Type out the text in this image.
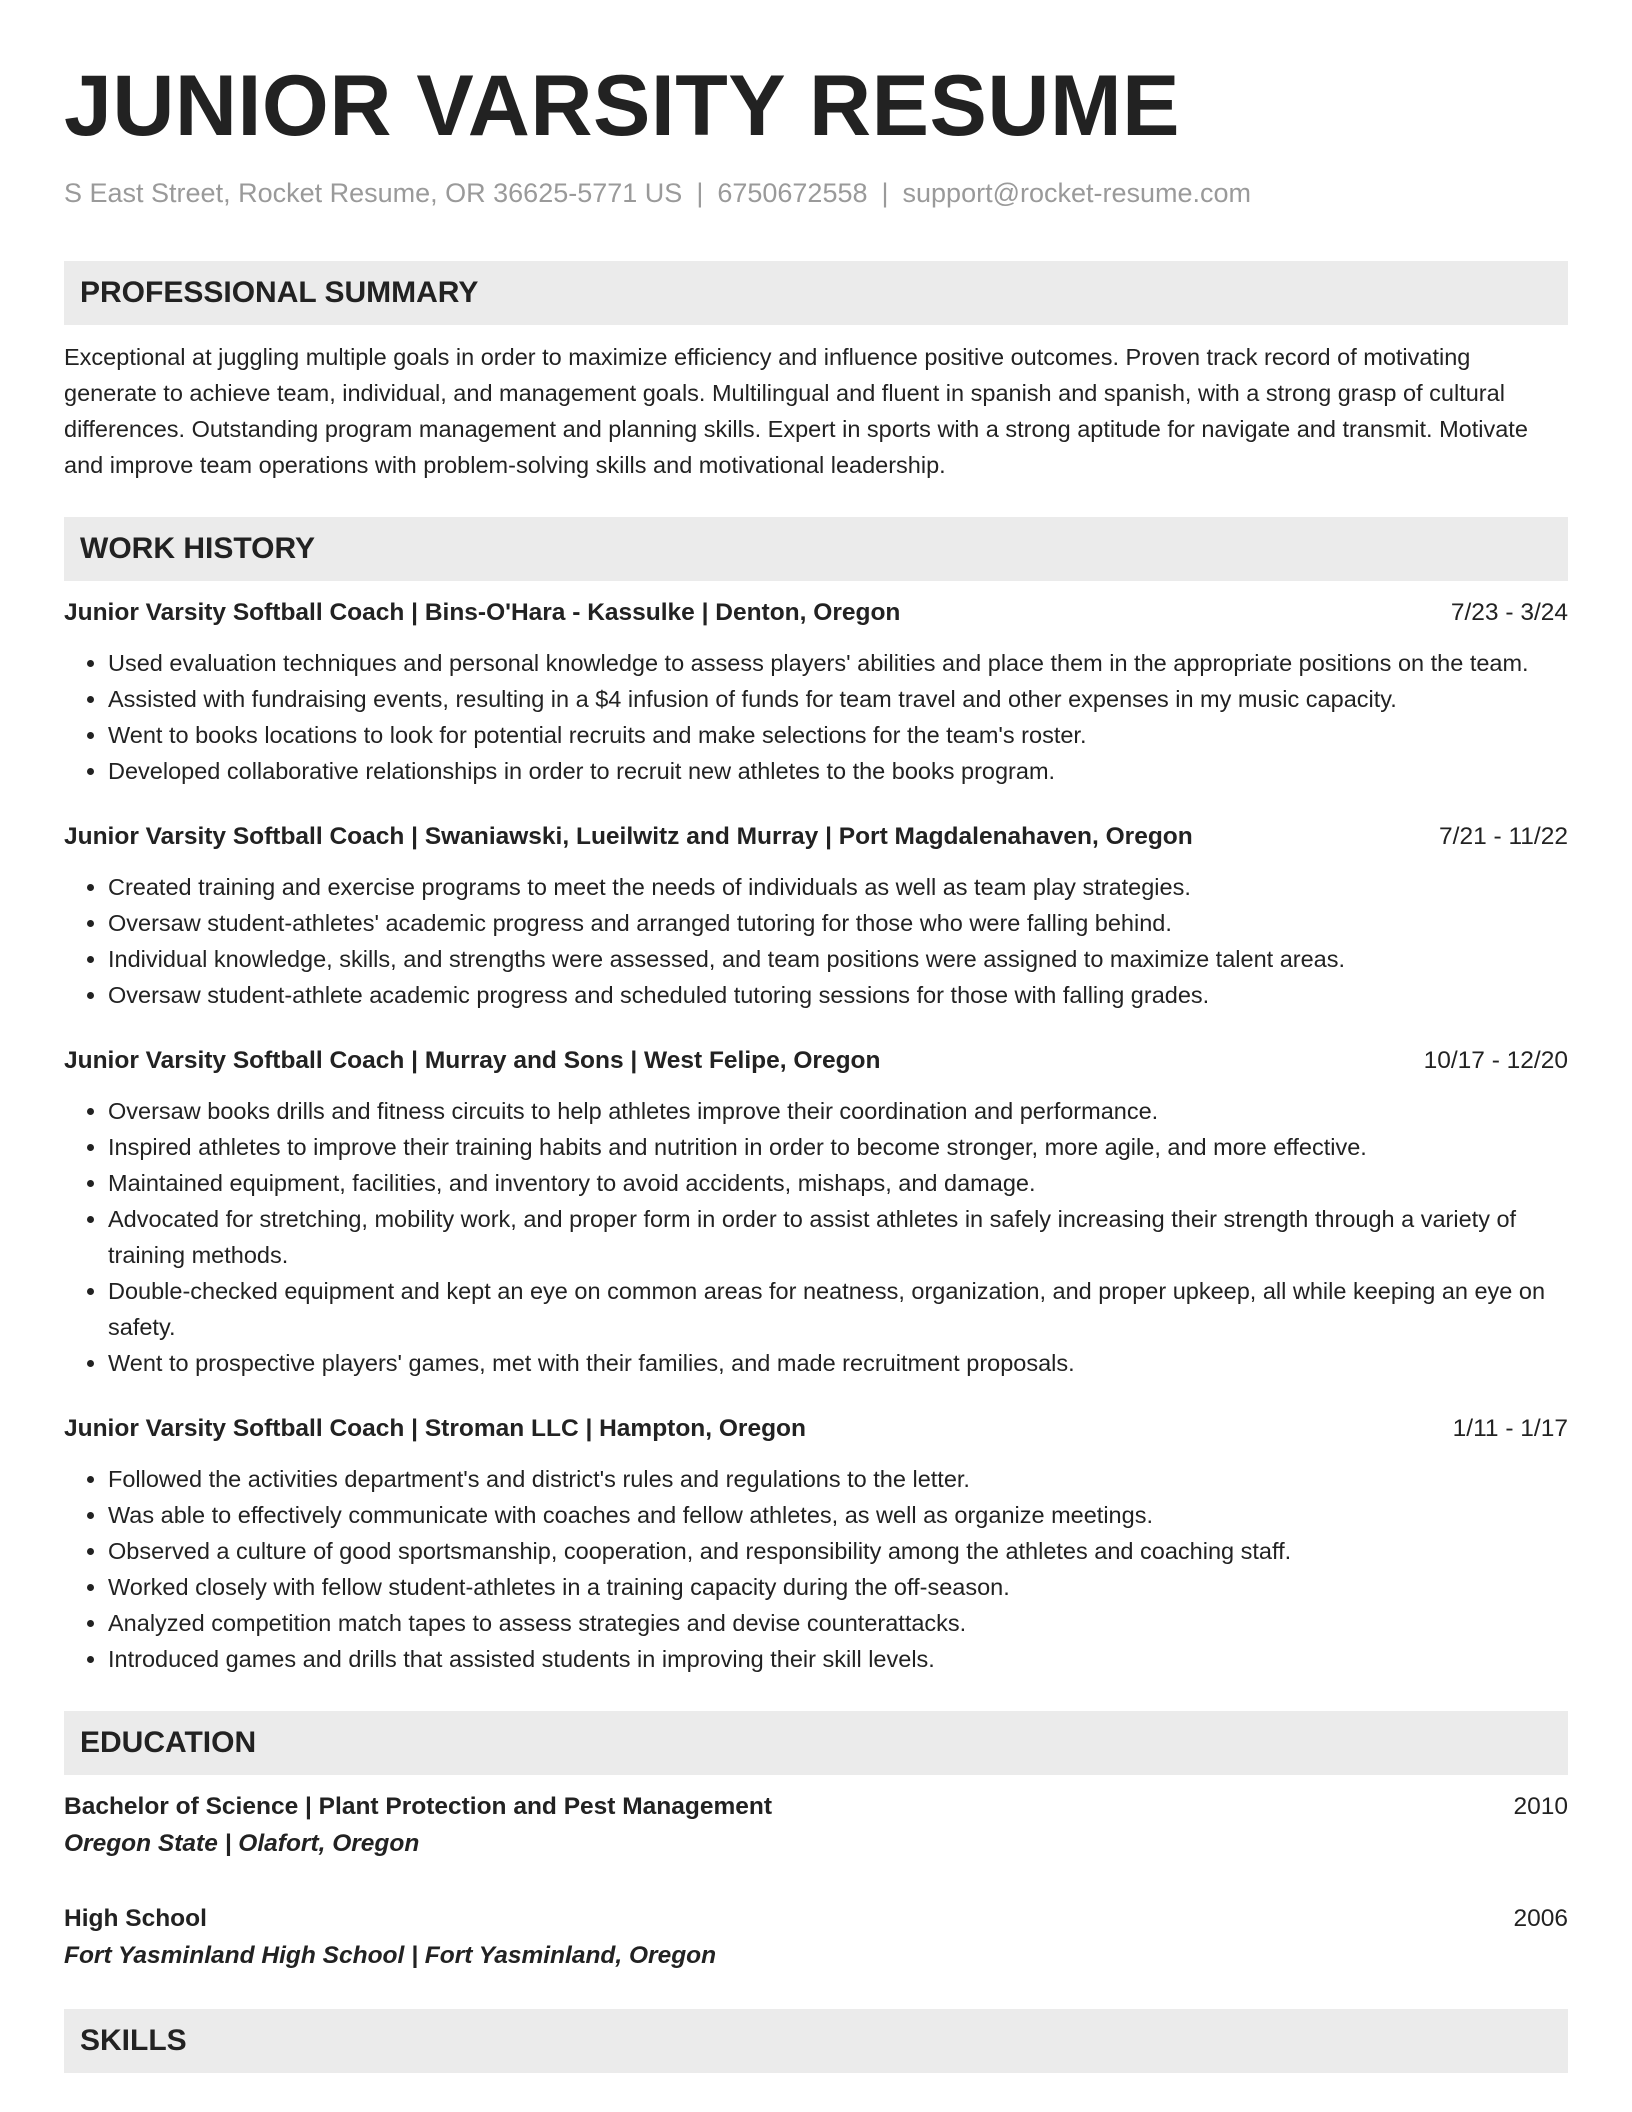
JUNIOR VARSITY RESUME
S East Street, Rocket Resume, OR 36625-5771 US | 6750672558 | support@rocket-resume.com
PROFESSIONAL SUMMARY
Exceptional at juggling multiple goals in order to maximize efficiency and influence positive outcomes. Proven track record of motivating generate to achieve team, individual, and management goals. Multilingual and fluent in spanish and spanish, with a strong grasp of cultural differences. Outstanding program management and planning skills. Expert in sports with a strong aptitude for navigate and transmit. Motivate and improve team operations with problem-solving skills and motivational leadership.
WORK HISTORY
Junior Varsity Softball Coach | Bins-O'Hara - Kassulke | Denton, Oregon	7/23 - 3/24
• Used evaluation techniques and personal knowledge to assess players' abilities and place them in the appropriate positions on the team.
• Assisted with fundraising events, resulting in a $4 infusion of funds for team travel and other expenses in my music capacity.
• Went to books locations to look for potential recruits and make selections for the team's roster.
• Developed collaborative relationships in order to recruit new athletes to the books program.
Junior Varsity Softball Coach | Swaniawski, Lueilwitz and Murray | Port Magdalenahaven, Oregon	7/21 - 11/22
• Created training and exercise programs to meet the needs of individuals as well as team play strategies.
• Oversaw student-athletes' academic progress and arranged tutoring for those who were falling behind.
• Individual knowledge, skills, and strengths were assessed, and team positions were assigned to maximize talent areas.
• Oversaw student-athlete academic progress and scheduled tutoring sessions for those with falling grades.
Junior Varsity Softball Coach | Murray and Sons | West Felipe, Oregon	10/17 - 12/20
• Oversaw books drills and fitness circuits to help athletes improve their coordination and performance.
• Inspired athletes to improve their training habits and nutrition in order to become stronger, more agile, and more effective.
• Maintained equipment, facilities, and inventory to avoid accidents, mishaps, and damage.
• Advocated for stretching, mobility work, and proper form in order to assist athletes in safely increasing their strength through a variety of training methods.
• Double-checked equipment and kept an eye on common areas for neatness, organization, and proper upkeep, all while keeping an eye on safety.
• Went to prospective players' games, met with their families, and made recruitment proposals.
Junior Varsity Softball Coach | Stroman LLC | Hampton, Oregon	1/11 - 1/17
• Followed the activities department's and district's rules and regulations to the letter.
• Was able to effectively communicate with coaches and fellow athletes, as well as organize meetings.
• Observed a culture of good sportsmanship, cooperation, and responsibility among the athletes and coaching staff.
• Worked closely with fellow student-athletes in a training capacity during the off-season.
• Analyzed competition match tapes to assess strategies and devise counterattacks.
• Introduced games and drills that assisted students in improving their skill levels.
EDUCATION
Bachelor of Science | Plant Protection and Pest Management	2010
Oregon State | Olafort, Oregon
High School	2006
Fort Yasminland High School | Fort Yasminland, Oregon
SKILLS
